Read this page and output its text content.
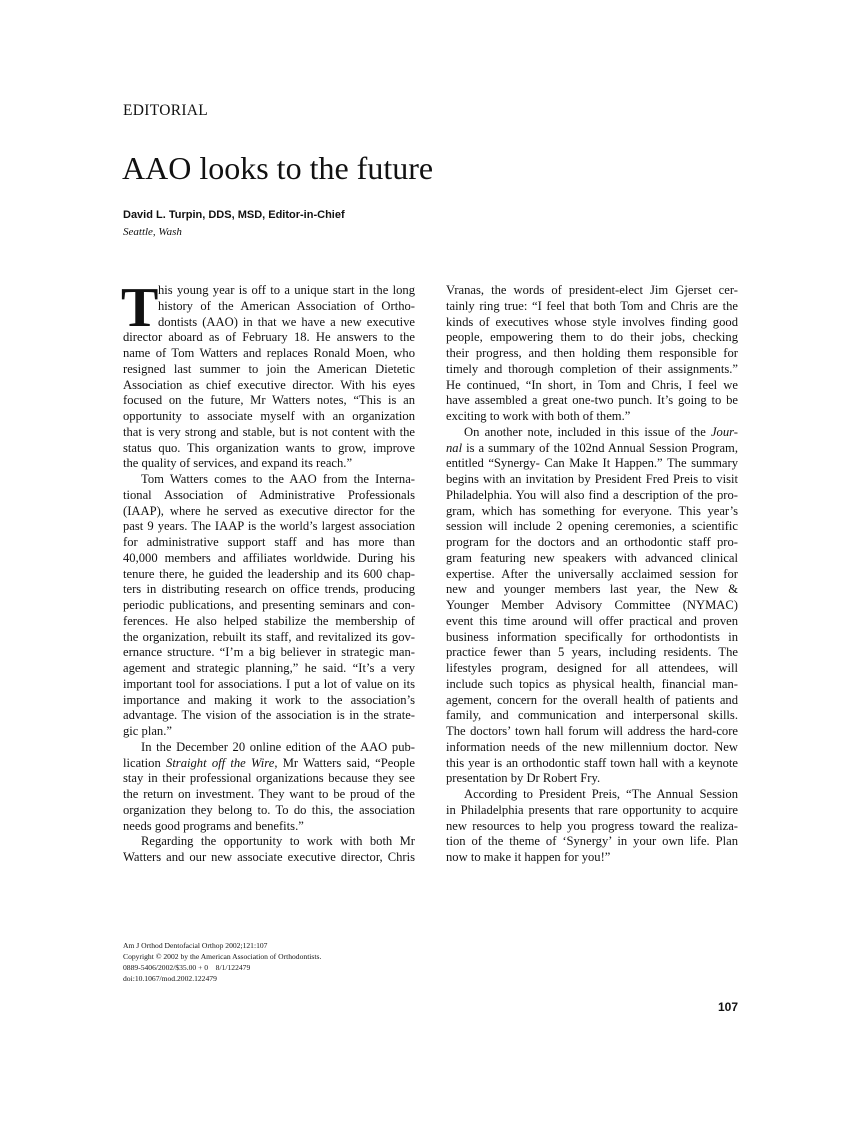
EDITORIAL
AAO looks to the future
David L. Turpin, DDS, MSD, Editor-in-Chief
Seattle, Wash
T his young year is off to a unique start in the long
history of the American Association of Ortho-
dontists (AAO) in that we have a new executive
director aboard as of February 18. He answers to the
name of Tom Watters and replaces Ronald Moen, who
resigned last summer to join the American Dietetic
Association as chief executive director. With his eyes
focused on the future, Mr Watters notes, “This is an
opportunity to associate myself with an organization
that is very strong and stable, but is not content with the
status quo. This organization wants to grow, improve
the quality of services, and expand its reach.”
Tom Watters comes to the AAO from the Interna-
tional Association of Administrative Professionals
(IAAP), where he served as executive director for the
past 9 years. The IAAP is the world’s largest association
for administrative support staff and has more than
40,000 members and affiliates worldwide. During his
tenure there, he guided the leadership and its 600 chap-
ters in distributing research on office trends, producing
periodic publications, and presenting seminars and con-
ferences. He also helped stabilize the membership of
the organization, rebuilt its staff, and revitalized its gov-
ernance structure. “I’m a big believer in strategic man-
agement and strategic planning,” he said. “It’s a very
important tool for associations. I put a lot of value on its
importance and making it work to the association’s
advantage. The vision of the association is in the strate-
gic plan.”
In the December 20 online edition of the AAO pub-
lication Straight off the Wire, Mr Watters said, “People
stay in their professional organizations because they see
the return on investment. They want to be proud of the
organization they belong to. To do this, the association
needs good programs and benefits.”
Regarding the opportunity to work with both Mr
Watters and our new associate executive director, Chris
Vranas, the words of president-elect Jim Gjerset cer-
tainly ring true: “I feel that both Tom and Chris are the
kinds of executives whose style involves finding good
people, empowering them to do their jobs, checking
their progress, and then holding them responsible for
timely and thorough completion of their assignments.”
He continued, “In short, in Tom and Chris, I feel we
have assembled a great one-two punch. It’s going to be
exciting to work with both of them.”
On another note, included in this issue of the Jour-
nal is a summary of the 102nd Annual Session Program,
entitled “Synergy- Can Make It Happen.” The summary
begins with an invitation by President Fred Preis to visit
Philadelphia. You will also find a description of the pro-
gram, which has something for everyone. This year’s
session will include 2 opening ceremonies, a scientific
program for the doctors and an orthodontic staff pro-
gram featuring new speakers with advanced clinical
expertise. After the universally acclaimed session for
new and younger members last year, the New &
Younger Member Advisory Committee (NYMAC)
event this time around will offer practical and proven
business information specifically for orthodontists in
practice fewer than 5 years, including residents. The
lifestyles program, designed for all attendees, will
include such topics as physical health, financial man-
agement, concern for the overall health of patients and
family, and communication and interpersonal skills.
The doctors’ town hall forum will address the hard-core
information needs of the new millennium doctor. New
this year is an orthodontic staff town hall with a keynote
presentation by Dr Robert Fry.
According to President Preis, “The Annual Session
in Philadelphia presents that rare opportunity to acquire
new resources to help you progress toward the realiza-
tion of the theme of ‘Synergy’ in your own life. Plan
now to make it happen for you!”
Am J Orthod Dentofacial Orthop 2002;121:107
Copyright © 2002 by the American Association of Orthodontists.
0889-5406/2002/$35.00 + 0    8/1/122479
doi:10.1067/mod.2002.122479
107
